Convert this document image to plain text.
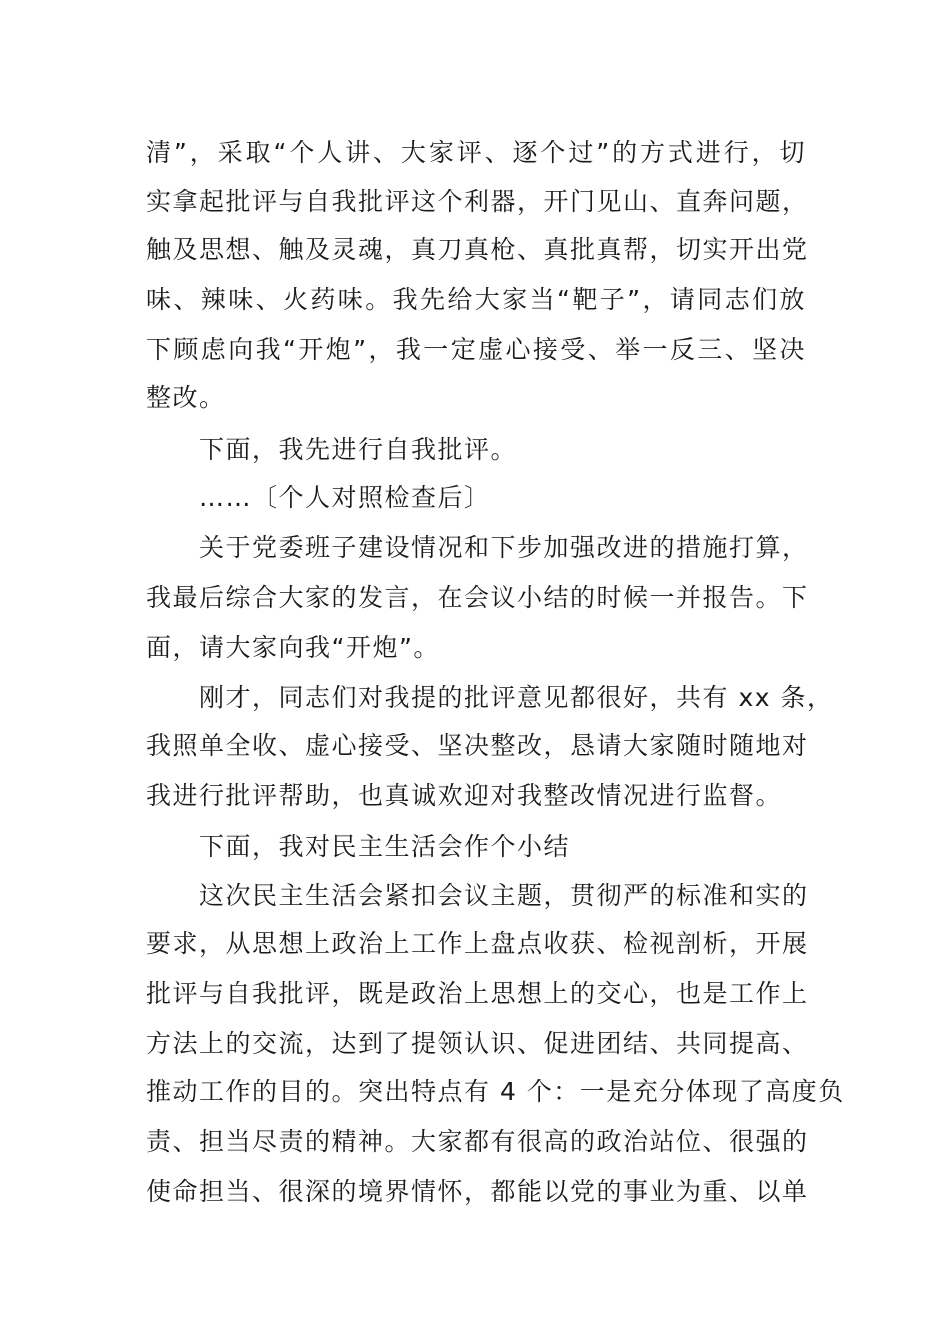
清”，采取“个人讲、大家评、逐个过”的方式进行，切
实拿起批评与自我批评这个利器，开门见山、直奔问题，
触及思想、触及灵魂，真刀真枪、真批真帮，切实开出党
味、辣味、火药味。我先给大家当“靶子”，请同志们放
下顾虑向我“开炮”，我一定虚心接受、举一反三、坚决
整改。
下面，我先进行自我批评。
……〔个人对照检查后〕
关于党委班子建设情况和下步加强改进的措施打算，
我最后综合大家的发言，在会议小结的时候一并报告。下
面，请大家向我“开炮”。
刚才，同志们对我提的批评意见都很好，共有 xx 条，
我照单全收、虚心接受、坚决整改，恳请大家随时随地对
我进行批评帮助，也真诚欢迎对我整改情况进行监督。
下面，我对民主生活会作个小结
这次民主生活会紧扣会议主题，贯彻严的标准和实的
要求，从思想上政治上工作上盘点收获、检视剖析，开展
批评与自我批评，既是政治上思想上的交心，也是工作上
方法上的交流，达到了提领认识、促进团结、共同提高、
推动工作的目的。突出特点有 4 个：一是充分体现了高度负
责、担当尽责的精神。大家都有很高的政治站位、很强的
使命担当、很深的境界情怀，都能以党的事业为重、以单
